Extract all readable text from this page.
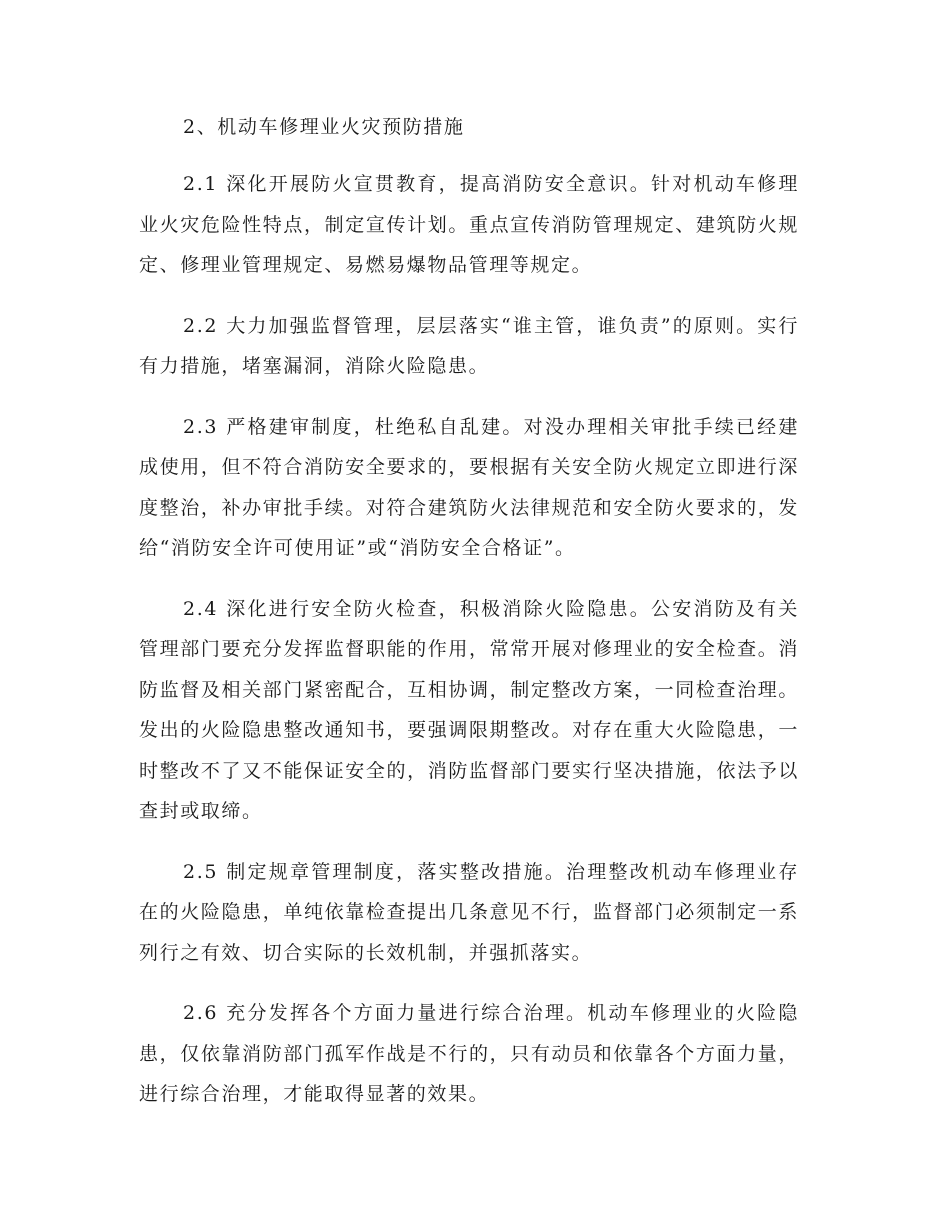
2、机动车修理业火灾预防措施

2.1 深化开展防火宣贯教育，提高消防安全意识。针对机动车修理业火灾危险性特点，制定宣传计划。重点宣传消防管理规定、建筑防火规定、修理业管理规定、易燃易爆物品管理等规定。

2.2 大力加强监督管理，层层落实“谁主管，谁负责”的原则。实行有力措施，堵塞漏洞，消除火险隐患。

2.3 严格建审制度，杜绝私自乱建。对没办理相关审批手续已经建成使用，但不符合消防安全要求的，要根据有关安全防火规定立即进行深度整治，补办审批手续。对符合建筑防火法律规范和安全防火要求的，发给“消防安全许可使用证”或“消防安全合格证”。

2.4 深化进行安全防火检查，积极消除火险隐患。公安消防及有关管理部门要充分发挥监督职能的作用，常常开展对修理业的安全检查。消防监督及相关部门紧密配合，互相协调，制定整改方案，一同检查治理。发出的火险隐患整改通知书，要强调限期整改。对存在重大火险隐患，一时整改不了又不能保证安全的，消防监督部门要实行坚决措施，依法予以查封或取缔。

2.5 制定规章管理制度，落实整改措施。治理整改机动车修理业存在的火险隐患，单纯依靠检查提出几条意见不行，监督部门必须制定一系列行之有效、切合实际的长效机制，并强抓落实。

2.6 充分发挥各个方面力量进行综合治理。机动车修理业的火险隐患，仅依靠消防部门孤军作战是不行的，只有动员和依靠各个方面力量，进行综合治理，才能取得显著的效果。
